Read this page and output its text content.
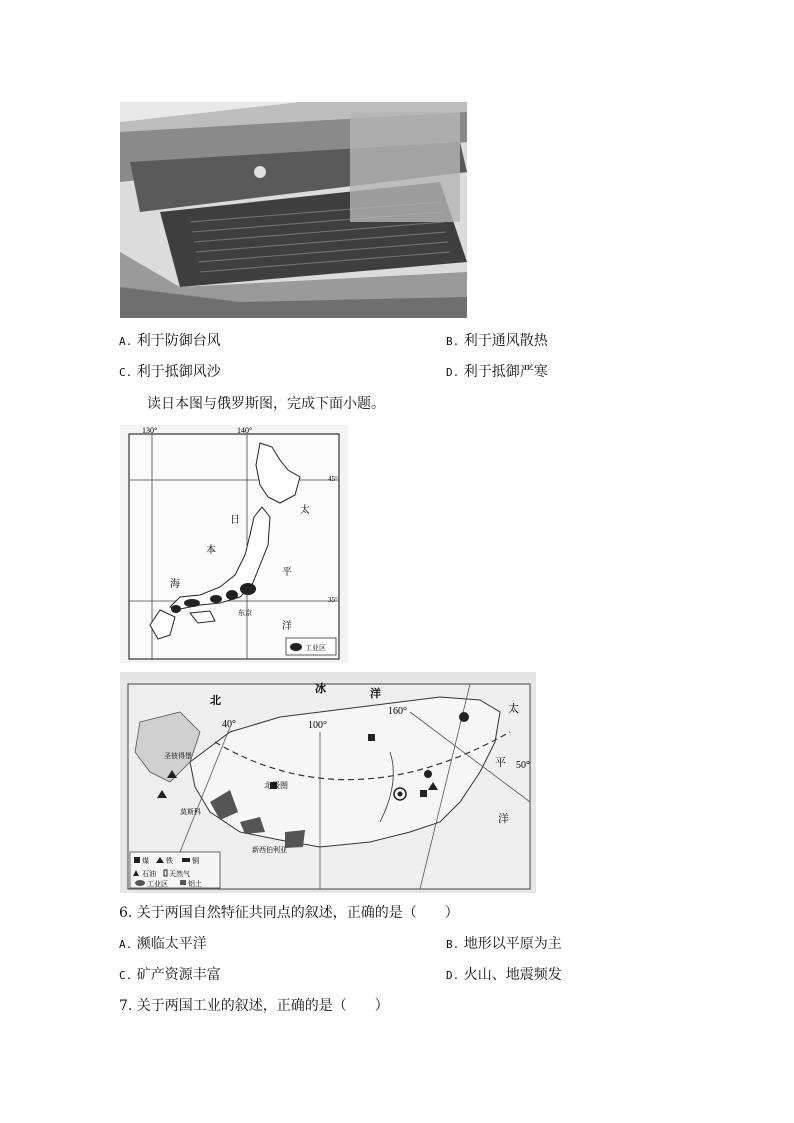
A. 利于防御台风	B. 利于通风散热
C. 利于抵御风沙	D. 利于抵御严寒
读日本图与俄罗斯图，完成下面小题。
130°	140°
45°
35°
日
本
海
太
平
洋
东京
工业区
北
冰	洋
太
平
洋
40°	100°
160°
50°
北极圈
圣彼得堡
莫斯科
新西伯利亚
煤 铁	铜
石油 天然气
工业区	铝土
6. 关于两国自然特征共同点的叙述，正确的是（　　）
A. 濒临太平洋	B. 地形以平原为主
C. 矿产资源丰富	D. 火山、地震频发
7. 关于两国工业的叙述，正确的是（　　）
